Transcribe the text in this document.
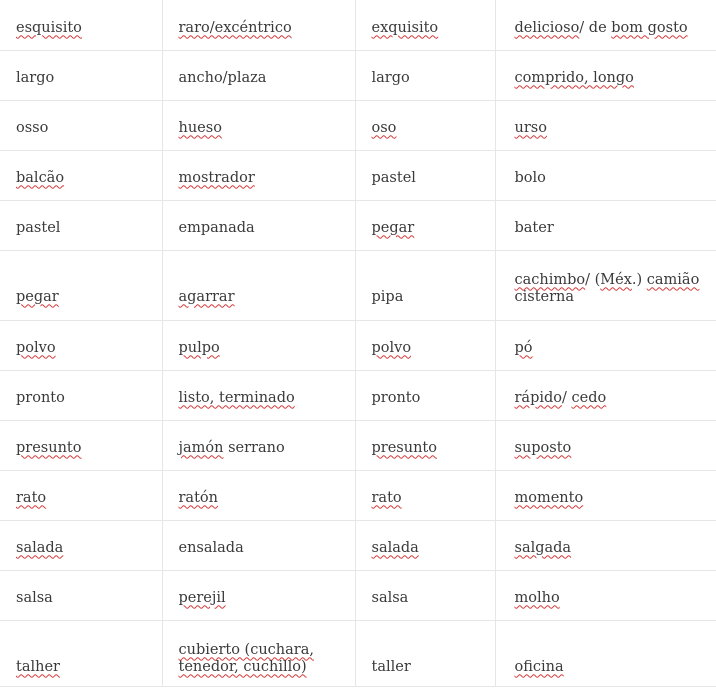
esquisito	raro/excéntrico	exquisito	delicioso/ de bom gosto
largo	ancho/plaza	largo	comprido, longo
osso	hueso	oso	urso
balcão	mostrador	pastel	bolo
pastel	empanada	pegar	bater
pegar	agarrar	pipa	cachimbo/ (Méx.) camião cisterna
polvo	pulpo	polvo	pó
pronto	listo, terminado	pronto	rápido/ cedo
presunto	jamón serrano	presunto	suposto
rato	ratón	rato	momento
salada	ensalada	salada	salgada
salsa	perejil	salsa	molho
talher	cubierto (cuchara, tenedor, cuchillo)	taller	oficina
